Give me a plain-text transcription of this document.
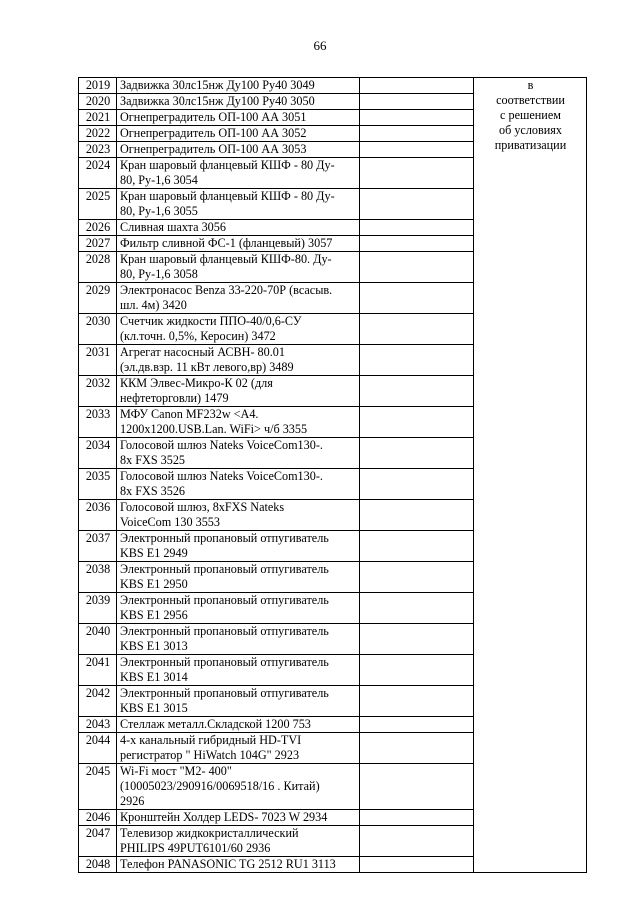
66
2019	Задвижка 30лс15нж Ду100 Ру40 3049		в
соответствии
с решением
об условиях
приватизации

2020	Задвижка 30лс15нж Ду100 Ру40 3050		

2021	Огнепреградитель ОП-100 АА 3051		

2022	Огнепреградитель ОП-100 АА 3052		

2023	Огнепреградитель ОП-100 АА 3053		

2024	Кран шаровый фланцевый КШФ - 80 Ду-
80, Ру-1,6 3054		

2025	Кран шаровый фланцевый КШФ - 80 Ду-
80, Ру-1,6 3055		

2026	Сливная шахта 3056		

2027	Фильтр сливной ФС-1 (фланцевый) 3057		

2028	Кран шаровый фланцевый КШФ-80. Ду-
80, Ру-1,6 3058		

2029	Электронасос Benza 33-220-70Р (всасыв.
шл. 4м) 3420		

2030	Счетчик жидкости ППО-40/0,6-СУ
(кл.точн. 0,5%, Керосин) 3472		

2031	Агрегат насосный АСВН- 80.01
(эл.дв.взр. 11 кВт левого,вр) 3489		

2032	ККМ Элвес-Микро-К 02 (для
нефтеторговли) 1479		

2033	МФУ Canon MF232w <A4.
1200x1200.USB.Lan. WiFi> ч/б 3355		

2034	Голосовой шлюз Nateks VoiceCom130-.
8x FXS 3525		

2035	Голосовой шлюз Nateks VoiceCom130-.
8x FXS 3526		

2036	Голосовой шлюз, 8xFXS Nateks
VoiceCom 130 3553		

2037	Электронный пропановый отпугиватель
KBS E1 2949		

2038	Электронный пропановый отпугиватель
KBS E1 2950		

2039	Электронный пропановый отпугиватель
KBS E1 2956		

2040	Электронный пропановый отпугиватель
KBS E1 3013		

2041	Электронный пропановый отпугиватель
KBS E1 3014		

2042	Электронный пропановый отпугиватель
KBS E1 3015		

2043	Стеллаж металл.Складской 1200 753		

2044	4-х канальный гибридный HD-TVI
регистратор " HiWatch 104G" 2923		

2045	Wi-Fi мост "М2- 400"
(10005023/290916/0069518/16 . Китай)
2926		

2046	Кронштейн Холдер LEDS- 7023 W 2934		

2047	Телевизор жидкокристаллический
PHILIPS 49PUT6101/60 2936		

2048	Телефон PANASONIC TG 2512 RU1 3113		
